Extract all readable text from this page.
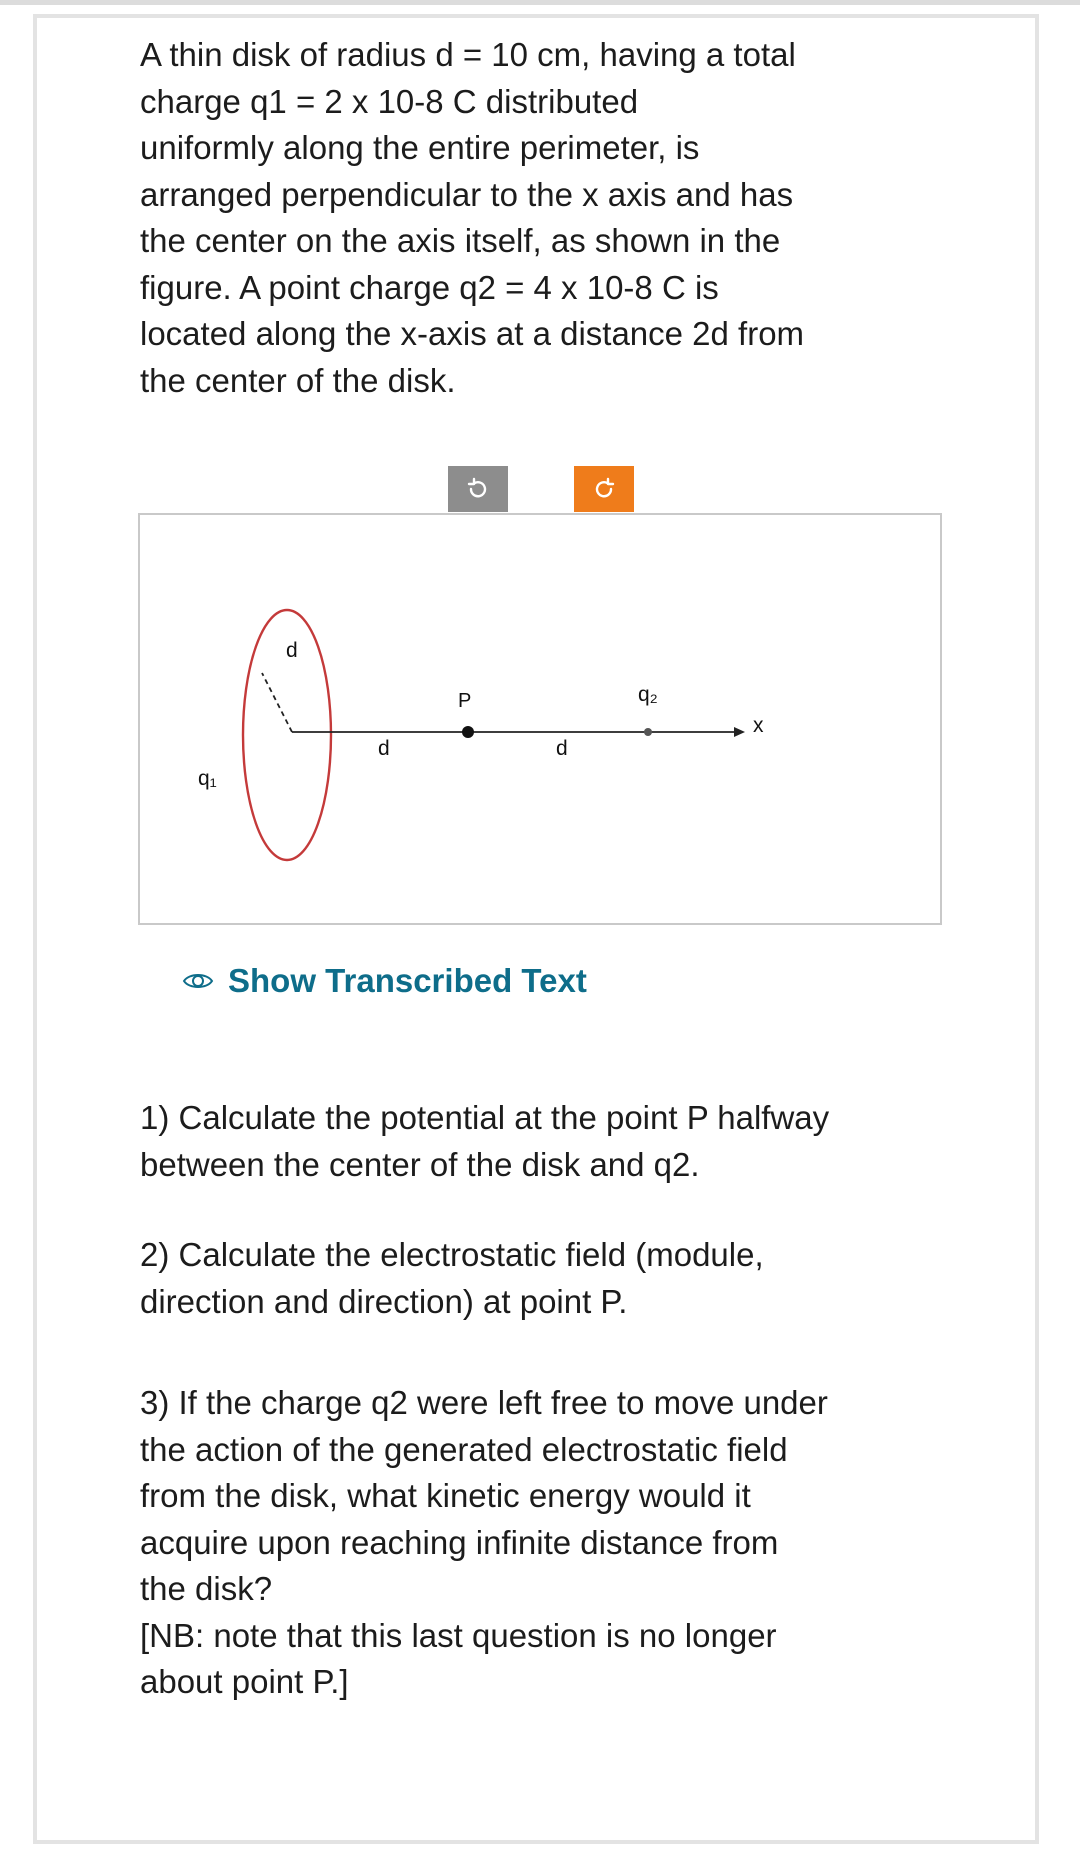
A thin disk of radius d = 10 cm, having a total
charge q1 = 2 x 10-8 C distributed
uniformly along the entire perimeter, is
arranged perpendicular to the x axis and has
the center on the axis itself, as shown in the
figure. A point charge q2 = 4 x 10-8 C is
located along the x-axis at a distance 2d from
the center of the disk.

d
P	q₂
d	d
x
q₁
Show Transcribed Text

1) Calculate the potential at the point P halfway
between the center of the disk and q2.

2) Calculate the electrostatic field (module,
direction and direction) at point P.

3) If the charge q2 were left free to move under
the action of the generated electrostatic field
from the disk, what kinetic energy would it
acquire upon reaching infinite distance from
the disk?
[NB: note that this last question is no longer
about point P.]
